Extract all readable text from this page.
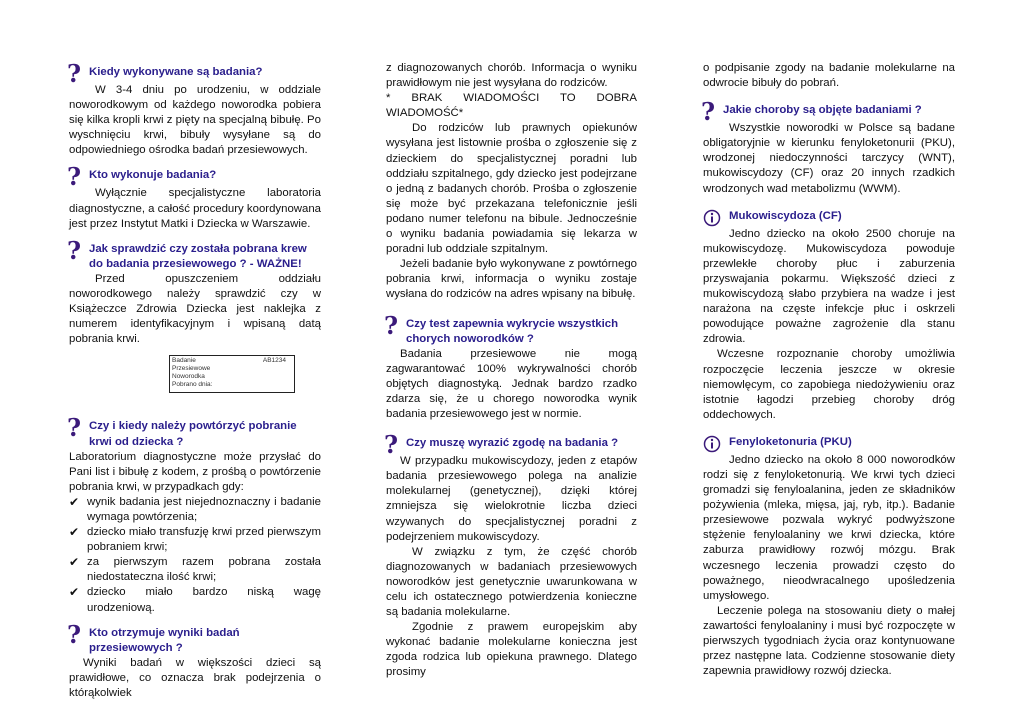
? Kiedy wykonywane są badania?

W 3-4 dniu po urodzeniu, w oddziale noworodkowym od każdego noworodka pobiera się kilka kropli krwi z pięty na specjalną bibułę. Po wyschnięciu krwi, bibuły wysyłane są do odpowiedniego ośrodka badań przesiewowych.

? Kto wykonuje badania?

Wyłącznie specjalistyczne laboratoria diagnostyczne, a całość procedury koordynowana jest przez Instytut Matki i Dziecka w Warszawie.

? Jak sprawdzić czy została pobrana krew do badania przesiewowego ? - WAŻNE!

Przed opuszczeniem oddziału noworodkowego należy sprawdzić czy w Książeczce Zdrowia Dziecka jest naklejka z numerem identyfikacyjnym i wpisaną datą pobrania krwi.

Badanie	AB1234
Przesiewowe
Noworodka
Pobrano dnia:
? Czy i kiedy należy powtórzyć pobranie krwi od dziecka ?

Laboratorium diagnostyczne może przysłać do Pani list i bibułę z kodem, z prośbą o powtórzenie pobrania krwi, w przypadkach gdy:

✔ wynik badania jest niejednoznaczny i badanie wymaga powtórzenia;
✔ dziecko miało transfuzję krwi przed pierwszym pobraniem krwi;
✔ za pierwszym razem pobrana została niedostateczna ilość krwi;
✔ dziecko miało bardzo niską wagę urodzeniową.
? Kto otrzymuje wyniki badań przesiewowych ?

Wyniki badań w większości dzieci są prawidłowe, co oznacza brak podejrzenia o którąkolwiek

z diagnozowanych chorób. Informacja o wyniku prawidłowym nie jest wysyłana do rodziców.

* BRAK WIADOMOŚCI TO DOBRA WIADOMOŚĆ*

Do rodziców lub prawnych opiekunów wysyłana jest listownie prośba o zgłoszenie się z dzieckiem do specjalistycznej poradni lub oddziału szpitalnego, gdy dziecko jest podejrzane o jedną z badanych chorób. Prośba o zgłoszenie się może być przekazana telefonicznie jeśli podano numer telefonu na bibule. Jednocześnie o wyniku badania powiadamia się lekarza w poradni lub oddziale szpitalnym.

Jeżeli badanie było wykonywane z powtórnego pobrania krwi, informacja o wyniku zostaje wysłana do rodziców na adres wpisany na bibułę.

? Czy test zapewnia wykrycie wszystkich chorych noworodków ?

Badania przesiewowe nie mogą zagwarantować 100% wykrywalności chorób objętych diagnostyką. Jednak bardzo rzadko zdarza się, że u chorego noworodka wynik badania przesiewowego jest w normie.

? Czy muszę wyrazić zgodę na badania ?

W przypadku mukowiscydozy, jeden z etapów badania przesiewowego polega na analizie molekularnej (genetycznej), dzięki której zmniejsza się wielokrotnie liczba dzieci wzywanych do specjalistycznej poradni z podejrzeniem mukowiscydozy.

W związku z tym, że część chorób diagnozowanych w badaniach przesiewowych noworodków jest genetycznie uwarunkowana w celu ich ostatecznego potwierdzenia konieczne są badania molekularne.

Zgodnie z prawem europejskim aby wykonać badanie molekularne konieczna jest zgoda rodzica lub opiekuna prawnego. Dlatego prosimy

o podpisanie zgody na badanie molekularne na odwrocie bibuły do pobrań.

? Jakie choroby są objęte badaniami ?

Wszystkie noworodki w Polsce są badane obligatoryjnie w kierunku fenyloketonurii (PKU), wrodzonej niedoczynności tarczycy (WNT), mukowiscydozy (CF) oraz 20 innych rzadkich wrodzonych wad metabolizmu (WWM).

Mukowiscydoza (CF)

Jedno dziecko na około 2500 choruje na mukowiscydozę. Mukowiscydoza powoduje przewlekłe choroby płuc i zaburzenia przyswajania pokarmu. Większość dzieci z mukowiscydozą słabo przybiera na wadze i jest narażona na częste infekcje płuc i oskrzeli powodujące poważne zagrożenie dla stanu zdrowia.

Wczesne rozpoznanie choroby umożliwia rozpoczęcie leczenia jeszcze w okresie niemowlęcym, co zapobiega niedożywieniu oraz istotnie łagodzi przebieg choroby dróg oddechowych.

Fenyloketonuria (PKU)

Jedno dziecko na około 8 000 noworodków rodzi się z fenyloketonurią. We krwi tych dzieci gromadzi się fenyloalanina, jeden ze składników pożywienia (mleka, mięsa, jaj, ryb, itp.). Badanie przesiewowe pozwala wykryć podwyższone stężenie fenyloalaniny we krwi dziecka, które zaburza prawidłowy rozwój mózgu. Brak wczesnego leczenia prowadzi często do poważnego, nieodwracalnego upośledzenia umysłowego.

Leczenie polega na stosowaniu diety o małej zawartości fenyloalaniny i musi być rozpoczęte w pierwszych tygodniach życia oraz kontynuowane przez następne lata. Codzienne stosowanie diety zapewnia prawidłowy rozwój dziecka.
